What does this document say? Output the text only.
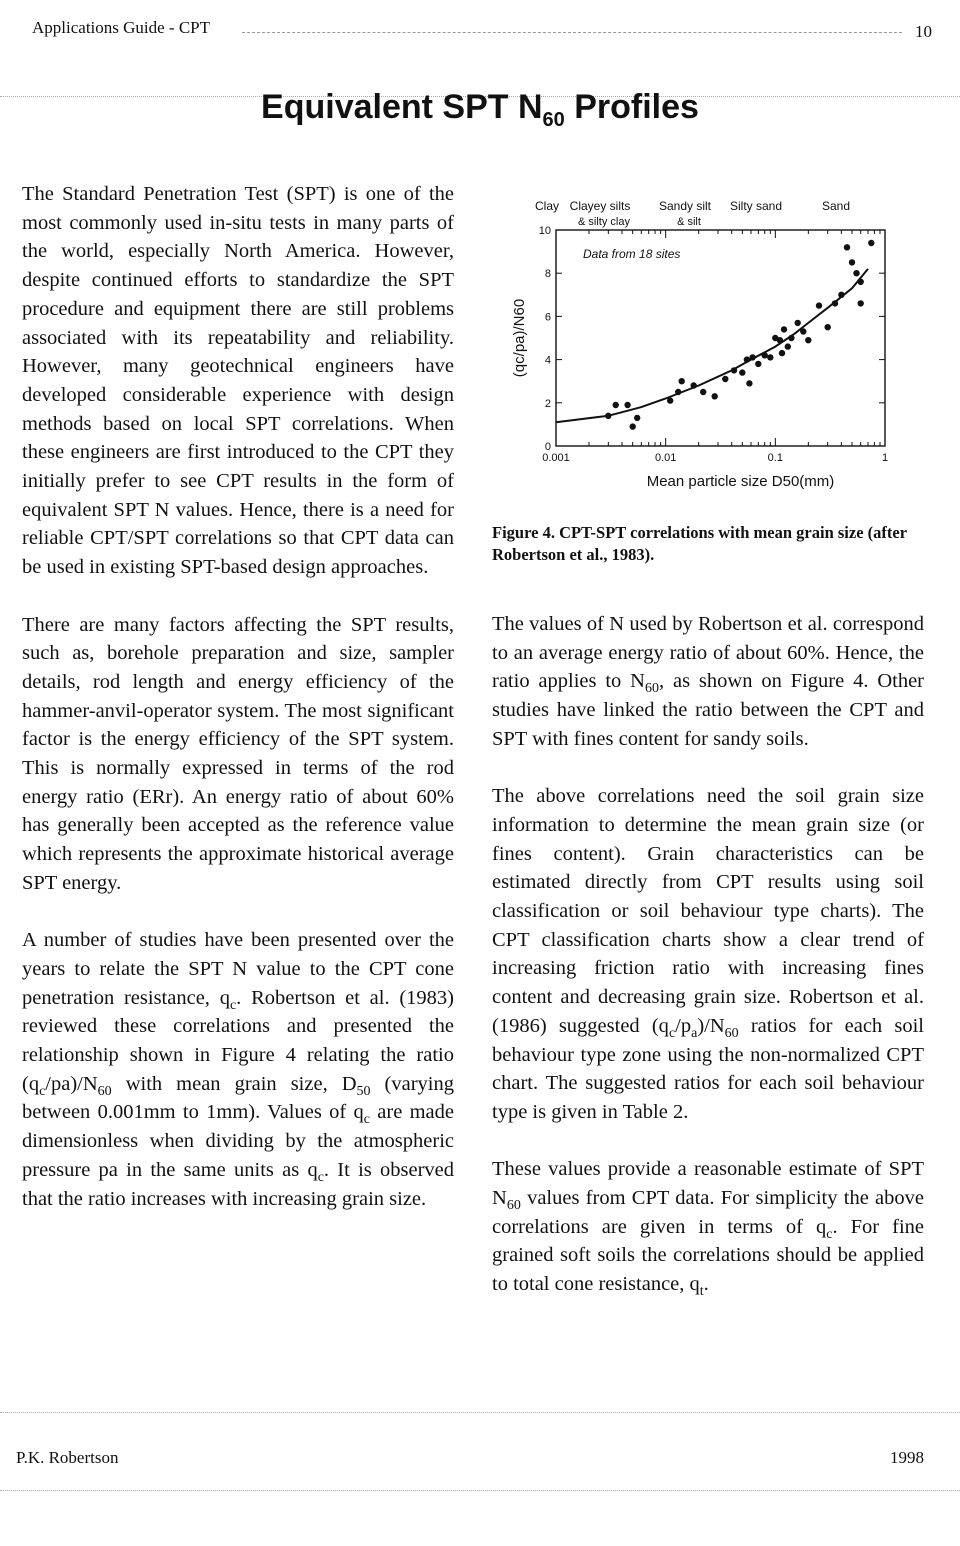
Applications Guide - CPT	10
Equivalent SPT $N_{60}$ Profiles

The Standard Penetration Test (SPT) is one of the most commonly used in-situ tests in many parts of the world, especially North America. However, despite continued efforts to standardize the SPT procedure and equipment there are still problems associated with its repeatability and reliability. However, many geotechnical engineers have developed considerable experience with design methods based on local SPT correlations. When these engineers are first introduced to the CPT they initially prefer to see CPT results in the form of equivalent SPT N values. Hence, there is a need for reliable CPT/SPT correlations so that CPT data can be used in existing SPT-based design approaches.

There are many factors affecting the SPT results, such as, borehole preparation and size, sampler details, rod length and energy efficiency of the hammer-anvil-operator system. The most significant factor is the energy efficiency of the SPT system. This is normally expressed in terms of the rod energy ratio (ERr). An energy ratio of about 60% has generally been accepted as the reference value which represents the approximate historical average SPT energy.

A number of studies have been presented over the years to relate the SPT N value to the CPT cone penetration resistance, $q_c$. Robertson et al. (1983) reviewed these correlations and presented the relationship shown in Figure 4 relating the ratio $(q_c/pa)/N_{60}$ with mean grain size, $D_{50}$ (varying between 0.001mm to 1mm). Values of $q_c$ are made dimensionless when dividing by the atmospheric pressure pa in the same units as $q_c$. It is observed that the ratio increases with increasing grain size.

0.001	0.01	0.1	1
0
2
4
6
8
10
Mean particle size D50(mm)
(qc/pa)/N60
Clay Clayey silts
& silty clay
Sandy silt
& silt
Silty sand	Sand
Data from 18 sites
Figure 4. CPT-SPT correlations with mean grain size (after Robertson et al., 1983).

The values of N used by Robertson et al. correspond to an average energy ratio of about 60%. Hence, the ratio applies to $N_{60}$, as shown on Figure 4. Other studies have linked the ratio between the CPT and SPT with fines content for sandy soils.

The above correlations need the soil grain size information to determine the mean grain size (or fines content). Grain characteristics can be estimated directly from CPT results using soil classification or soil behaviour type charts). The CPT classification charts show a clear trend of increasing friction ratio with increasing fines content and decreasing grain size. Robertson et al. (1986) suggested $(q_c/p_a)/N_{60}$ ratios for each soil behaviour type zone using the non-normalized CPT chart. The suggested ratios for each soil behaviour type is given in Table 2.

These values provide a reasonable estimate of SPT $N_{60}$ values from CPT data. For simplicity the above correlations are given in terms of $q_c$. For fine grained soft soils the correlations should be applied to total cone resistance, $q_t$.

P.K. Robertson	1998
